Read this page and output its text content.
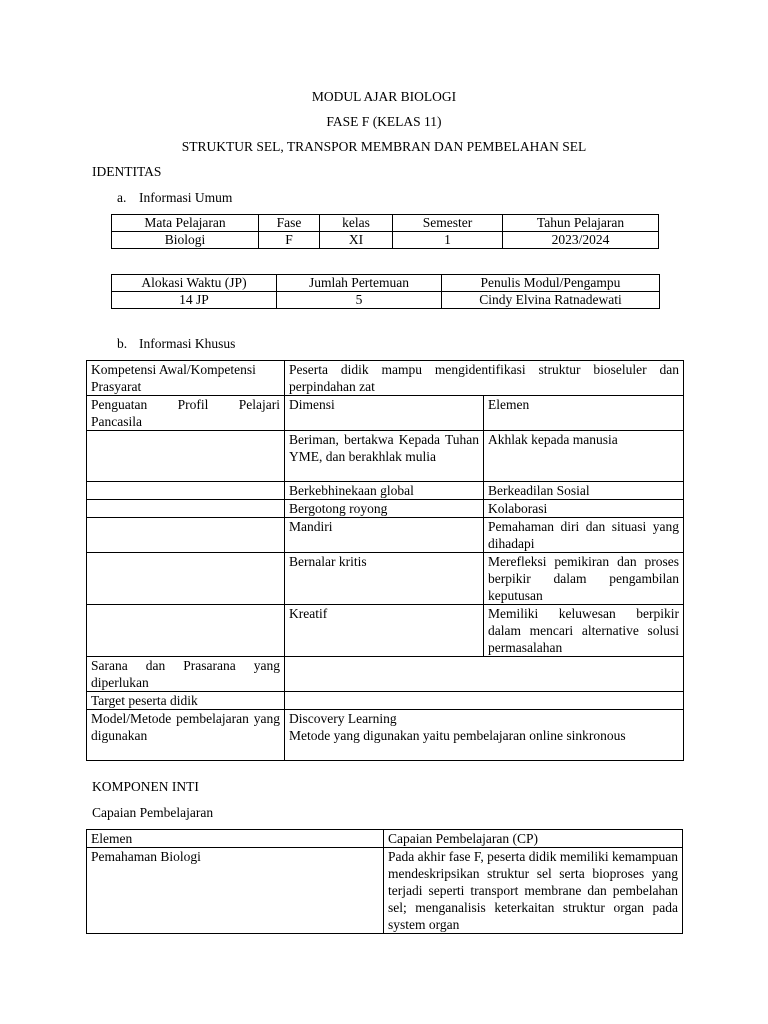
MODUL AJAR BIOLOGI
FASE F (KELAS 11)
STRUKTUR SEL, TRANSPOR MEMBRAN DAN PEMBELAHAN SEL
IDENTITAS
a. Informasi Umum
Mata Pelajaran	Fase	kelas	Semester	Tahun Pelajaran
Biologi	F	XI	1	2023/2024
Alokasi Waktu (JP)	Jumlah Pertemuan	Penulis Modul/Pengampu
14 JP	5	Cindy Elvina Ratnadewati
b. Informasi Khusus
Kompetensi Awal/Kompetensi Prasyarat	Peserta didik mampu mengidentifikasi struktur bioseluler dan perpindahan zat	
Penguatan Profil Pelajari Pancasila	Dimensi	Elemen
	Beriman, bertakwa Kepada Tuhan YME, dan berakhlak mulia	Akhlak kepada manusia
	Berkebhinekaan global	Berkeadilan Sosial
	Bergotong royong	Kolaborasi
	Mandiri	Pemahaman diri dan situasi yang dihadapi
	Bernalar kritis	Merefleksi pemikiran dan proses berpikir dalam pengambilan keputusan
	Kreatif	Memiliki keluwesan berpikir dalam mencari alternative solusi permasalahan
Sarana dan Prasarana yang diperlukan		
Target peserta didik		
Model/Metode pembelajaran yang digunakan	Discovery Learning
Metode yang digunakan yaitu pembelajaran online sinkronous	
KOMPONEN INTI
Capaian Pembelajaran
Elemen	Capaian Pembelajaran (CP)
Pemahaman Biologi	Pada akhir fase F, peserta didik memiliki kemampuan mendeskripsikan struktur sel serta bioproses yang terjadi seperti transport membrane dan pembelahan sel; menganalisis keterkaitan struktur organ pada system organ
